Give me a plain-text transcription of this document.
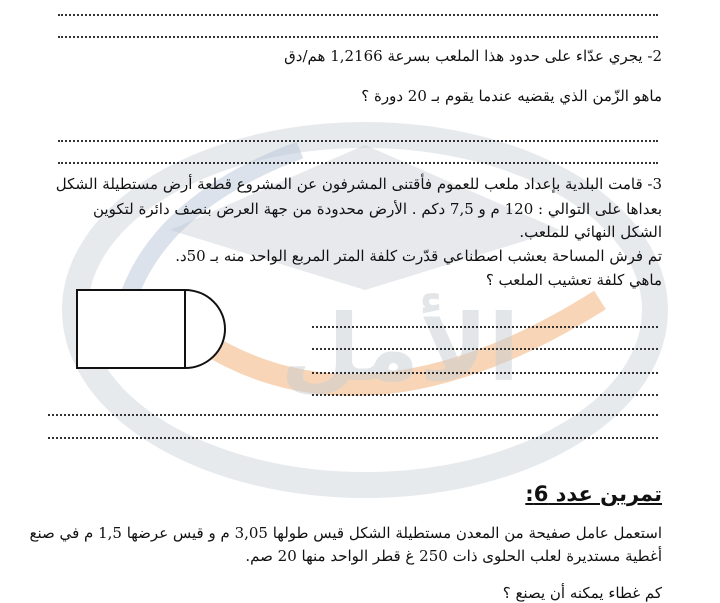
الأمل
2- يجري عدّاء على حدود هذا الملعب بسرعة 1,2166 هم/دق
ماهو الزّمن الذي يقضيه عندما يقوم بـ 20 دورة ؟
3- قامت البلدية بإعداد ملعب للعموم فأقتنى المشرفون عن المشروع قطعة أرض مستطيلة الشكل
بعداها على التوالي : 120 م و 7,5 دكم . الأرض محدودة من جهة العرض بنصف دائرة لتكوين
الشكل النهائي للملعب.
تم فرش المساحة بعشب اصطناعي قدّرت كلفة المتر المربع الواحد منه بـ 50د.
ماهي كلفة تعشيب الملعب ؟
تمرين عدد 6:
استعمل عامل صفيحة من المعدن مستطيلة الشكل قيس طولها 3,05 م و قيس عرضها 1,5 م في صنع
أغطية مستديرة لعلب الحلوى ذات 250 غ قطر الواحد منها 20 صم.
كم غطاء يمكنه أن يصنع ؟
